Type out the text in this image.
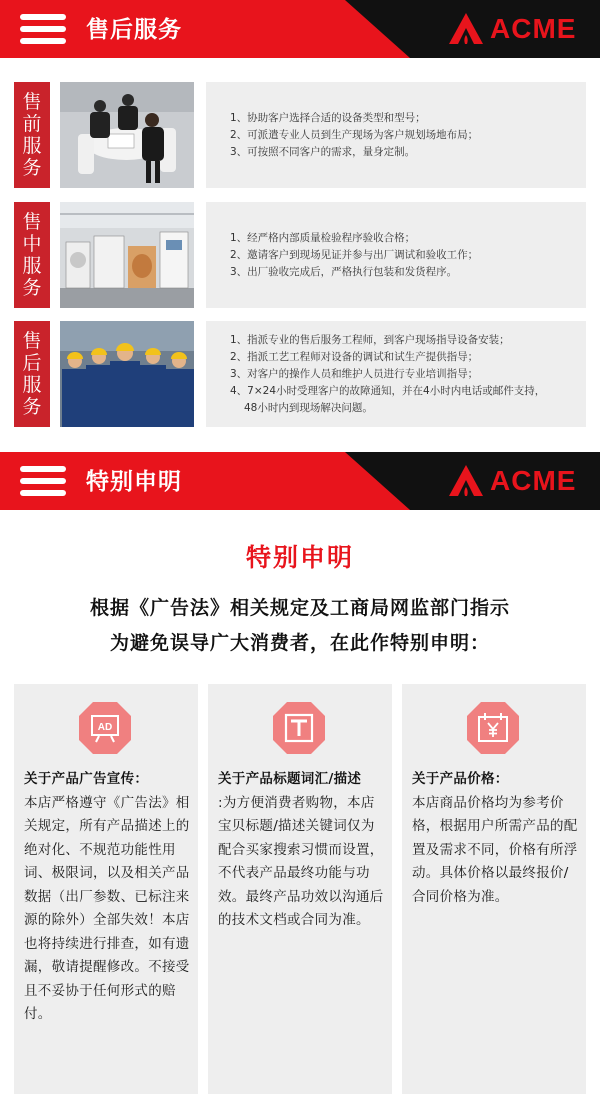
售后服务	ACME
售
前
服
务

1、协助客户选择合适的设备类型和型号；

2、可派遣专业人员到生产现场为客户规划场地布局；

3、可按照不同客户的需求，量身定制。

售
中
服
务

1、经严格内部质量检验程序验收合格；

2、邀请客户到现场见证并参与出厂调试和验收工作；

3、出厂验收完成后，严格执行包装和发货程序。

售
后
服
务

1、指派专业的售后服务工程师，到客户现场指导设备安装；

2、指派工艺工程师对设备的调试和试生产提供指导；

3、对客户的操作人员和维护人员进行专业培训指导；

4、7×24小时受理客户的故障通知，并在4小时内电话或邮件支持，

48小时内到现场解决问题。

特别申明	ACME
特别申明
根据《广告法》相关规定及工商局网监部门指示
为避免误导广大消费者，在此作特别申明：
AD
关于产品广告宣传：
本店严格遵守《广告法》相关规定，所有产品描述上的绝对化、不规范功能性用词、极限词，以及相关产品数据（出厂参数、已标注来源的除外）全部失效！本店也将持续进行排查，如有遗漏，敬请提醒修改。不接受且不妥协于任何形式的赔付。
关于产品标题词汇/描述
:为方便消费者购物，本店宝贝标题/描述关键词仅为配合买家搜索习惯而设置，不代表产品最终功能与功效。最终产品功效以沟通后的技术文档或合同为准。
关于产品价格：
本店商品价格均为参考价格，根据用户所需产品的配置及需求不同，价格有所浮动。具体价格以最终报价/合同价格为准。
